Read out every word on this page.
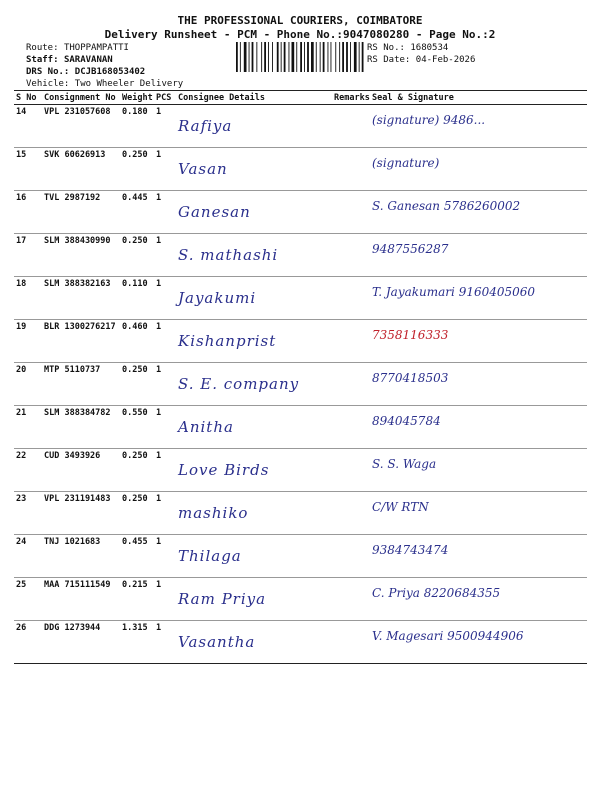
THE PROFESSIONAL COURIERS, COIMBATORE
Delivery Runsheet - PCM - Phone No.:9047080280 - Page No.:2
Route: THOPPAMPATTI
Staff: SARAVANAN
DRS No.: DCJB168053402
Vehicle: Two Wheeler Delivery
RS No.: 1680534
RS Date: 04-Feb-2026
S No	Consignment No	Weight	PCS	Consignee Details	Remarks	Seal & Signature
14	VPL 231057608	0.180	1	Rafiya		(signature) 9486...

15	SVK 60626913	0.250	1	Vasan		(signature)

16	TVL 2987192	0.445	1	Ganesan		S. Ganesan 5786260002

17	SLM 388430990	0.250	1	S. mathashi		9487556287

18	SLM 388382163	0.110	1	Jayakumi		T. Jayakumari 9160405060

19	BLR 1300276217	0.460	1	Kishanprist		7358116333

20	MTP 5110737	0.250	1	S. E. company		8770418503

21	SLM 388384782	0.550	1	Anitha		894045784

22	CUD 3493926	0.250	1	Love Birds		S. S. Waga

23	VPL 231191483	0.250	1	mashiko		C/W RTN

24	TNJ 1021683	0.455	1	Thilaga		9384743474

25	MAA 715111549	0.215	1	Ram Priya		C. Priya 8220684355

26	DDG 1273944	1.315	1	Vasantha		V. Magesari 9500944906
